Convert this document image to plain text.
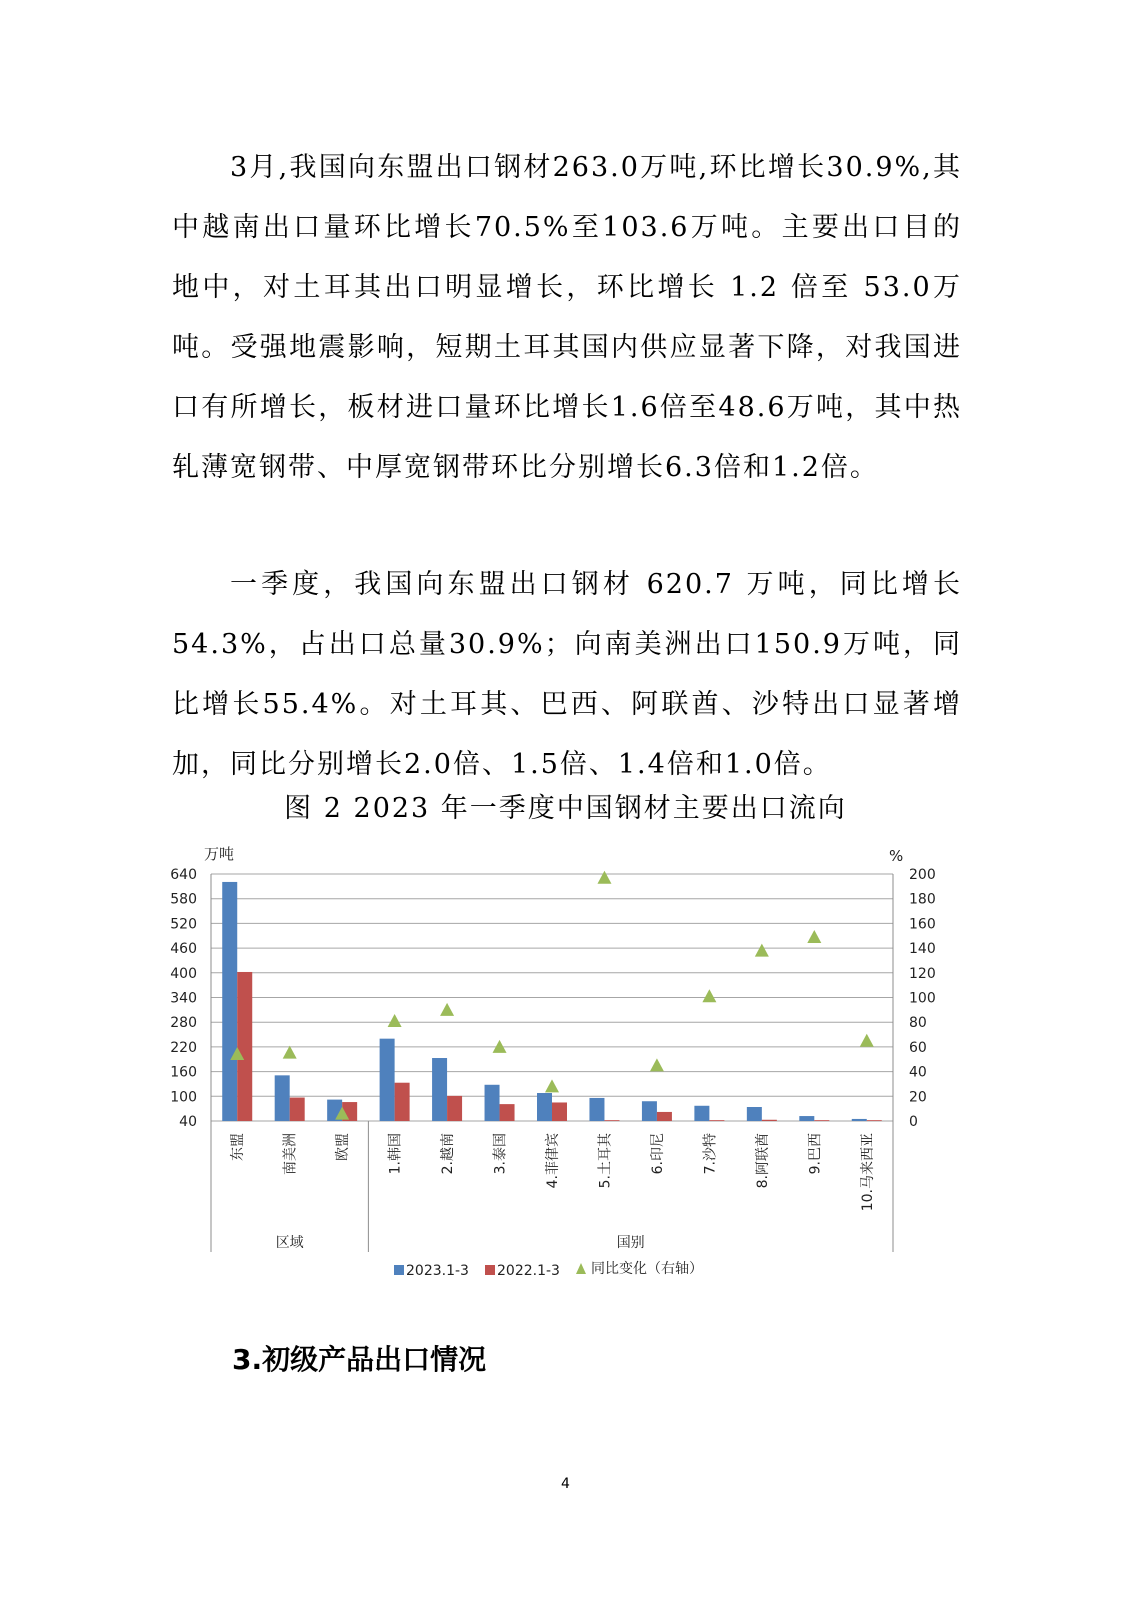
3月,我国向东盟出口钢材263.0万吨,环比增长30.9%,其中越南出口量环比增长70.5%至103.6万吨。主要出口目的地中，对土耳其出口明显增长，环比增长 1.2 倍至 53.0万吨。受强地震影响，短期土耳其国内供应显著下降，对我国进口有所增长，板材进口量环比增长1.6倍至48.6万吨，其中热轧薄宽钢带、中厚宽钢带环比分别增长6.3倍和1.2倍。

一季度，我国向东盟出口钢材 620.7 万吨，同比增长54.3%，占出口总量30.9%；向南美洲出口150.9万吨，同比增长55.4%。对土耳其、巴西、阿联酋、沙特出口显著增加，同比分别增长2.0倍、1.5倍、1.4倍和1.0倍。

图 2 2023 年一季度中国钢材主要出口流向
40
100
160
220
280
340
400
460
520
580
640
0
20
40
60
80
100
120
140
160
180
200
东盟	南美洲	欧盟	1.韩国	2.越南	3.泰国	4.菲律宾	5.土耳其	6.印尼	7.沙特	8.阿联酋	9.巴西	10.马来西亚
区域	国别
2023.1-3 2022.1-3 同比变化（右轴）
万吨	%
3.初级产品出口情况
4
